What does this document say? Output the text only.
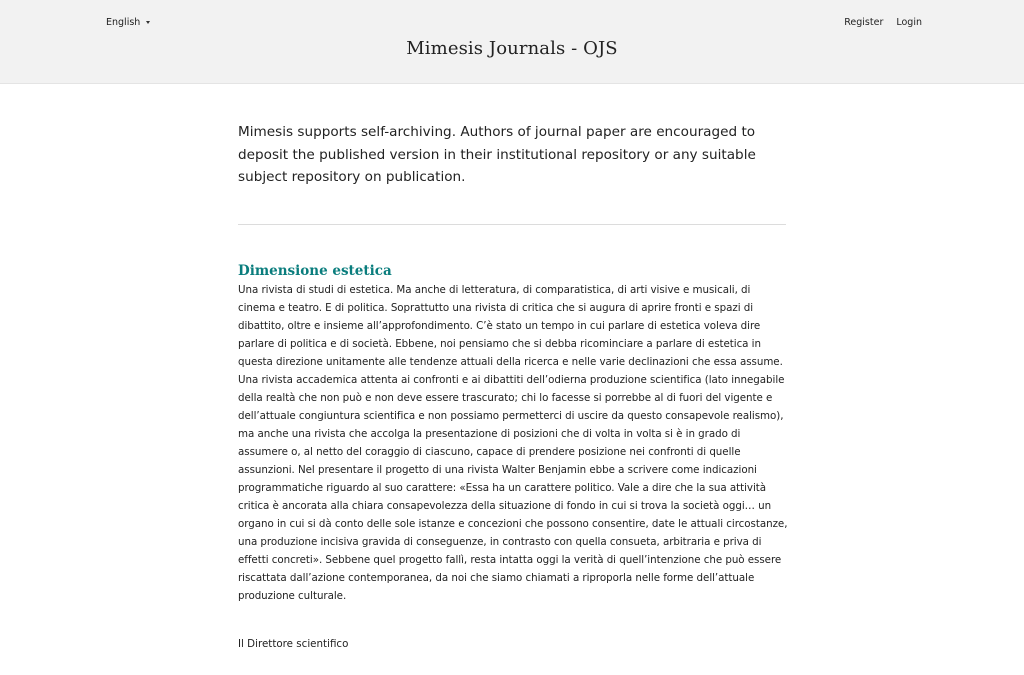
English	Register Login
Mimesis Journals - OJS

Mimesis supports self-archiving. Authors of journal paper are encouraged to deposit the published version in their institutional repository or any suitable subject repository on publication.

Dimensione estetica

Una rivista di studi di estetica. Ma anche di letteratura, di comparatistica, di arti visive e musicali, di cinema e teatro. E di politica. Soprattutto una rivista di critica che si augura di aprire fronti e spazi di dibattito, oltre e insieme all’approfondimento. C’è stato un tempo in cui parlare di estetica voleva dire parlare di politica e di società. Ebbene, noi pensiamo che si debba ricominciare a parlare di estetica in questa direzione unitamente alle tendenze attuali della ricerca e nelle varie declinazioni che essa assume. Una rivista accademica attenta ai confronti e ai dibattiti dell’odierna produzione scientifica (lato innegabile della realtà che non può e non deve essere trascurato; chi lo facesse si porrebbe al di fuori del vigente e dell’attuale congiuntura scientifica e non possiamo permetterci di uscire da questo consapevole realismo), ma anche una rivista che accolga la presentazione di posizioni che di volta in volta si è in grado di assumere o, al netto del coraggio di ciascuno, capace di prendere posizione nei confronti di quelle assunzioni. Nel presentare il progetto di una rivista Walter Benjamin ebbe a scrivere come indicazioni programmatiche riguardo al suo carattere: «Essa ha un carattere politico. Vale a dire che la sua attività critica è ancorata alla chiara consapevolezza della situazione di fondo in cui si trova la società oggi… un organo in cui si dà conto delle sole istanze e concezioni che possono consentire, date le attuali circostanze, una produzione incisiva gravida di conseguenze, in contrasto con quella consueta, arbitraria e priva di effetti concreti». Sebbene quel progetto fallì, resta intatta oggi la verità di quell’intenzione che può essere riscattata dall’azione contemporanea, da noi che siamo chiamati a riproporla nelle forme dell’attuale produzione culturale.

Il Direttore scientifico
